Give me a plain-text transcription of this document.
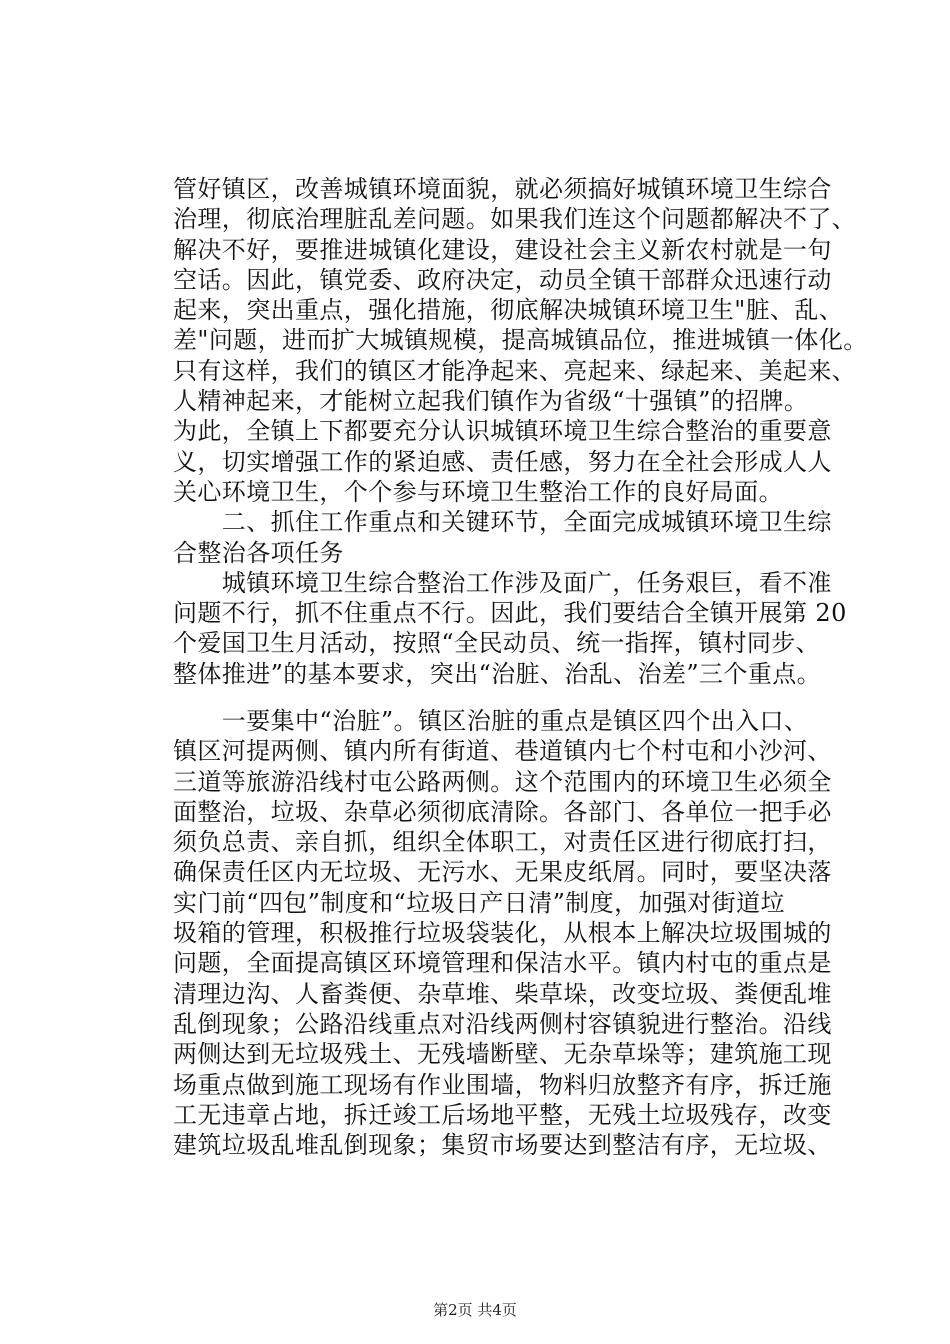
管好镇区，改善城镇环境面貌，就必须搞好城镇环境卫生综合
治理，彻底治理脏乱差问题。如果我们连这个问题都解决不了、
解决不好，要推进城镇化建设，建设社会主义新农村就是一句
空话。因此，镇党委、政府决定，动员全镇干部群众迅速行动
起来，突出重点，强化措施，彻底解决城镇环境卫生"脏、乱、
差"问题，进而扩大城镇规模，提高城镇品位，推进城镇一体化。
只有这样，我们的镇区才能净起来、亮起来、绿起来、美起来、
人精神起来，才能树立起我们镇作为省级“十强镇”的招牌。
为此，全镇上下都要充分认识城镇环境卫生综合整治的重要意
义，切实增强工作的紧迫感、责任感，努力在全社会形成人人
关心环境卫生，个个参与环境卫生整治工作的良好局面。
　　二、抓住工作重点和关键环节，全面完成城镇环境卫生综
合整治各项任务
　　城镇环境卫生综合整治工作涉及面广，任务艰巨，看不准
问题不行，抓不住重点不行。因此，我们要结合全镇开展第 20
个爱国卫生月活动，按照“全民动员、统一指挥，镇村同步、
整体推进”的基本要求，突出“治脏、治乱、治差”三个重点。
　　一要集中“治脏”。镇区治脏的重点是镇区四个出入口、
镇区河提两侧、镇内所有街道、巷道镇内七个村屯和小沙河、
三道等旅游沿线村屯公路两侧。这个范围内的环境卫生必须全
面整治，垃圾、杂草必须彻底清除。各部门、各单位一把手必
须负总责、亲自抓，组织全体职工，对责任区进行彻底打扫，
确保责任区内无垃圾、无污水、无果皮纸屑。同时，要坚决落
实门前“四包”制度和“垃圾日产日清”制度，加强对街道垃
圾箱的管理，积极推行垃圾袋装化，从根本上解决垃圾围城的
问题，全面提高镇区环境管理和保洁水平。镇内村屯的重点是
清理边沟、人畜粪便、杂草堆、柴草垛，改变垃圾、粪便乱堆
乱倒现象；公路沿线重点对沿线两侧村容镇貌进行整治。沿线
两侧达到无垃圾残土、无残墙断壁、无杂草垛等；建筑施工现
场重点做到施工现场有作业围墙，物料归放整齐有序，拆迁施
工无违章占地，拆迁竣工后场地平整，无残土垃圾残存，改变
建筑垃圾乱堆乱倒现象；集贸市场要达到整洁有序，无垃圾、
第2页 共4页
